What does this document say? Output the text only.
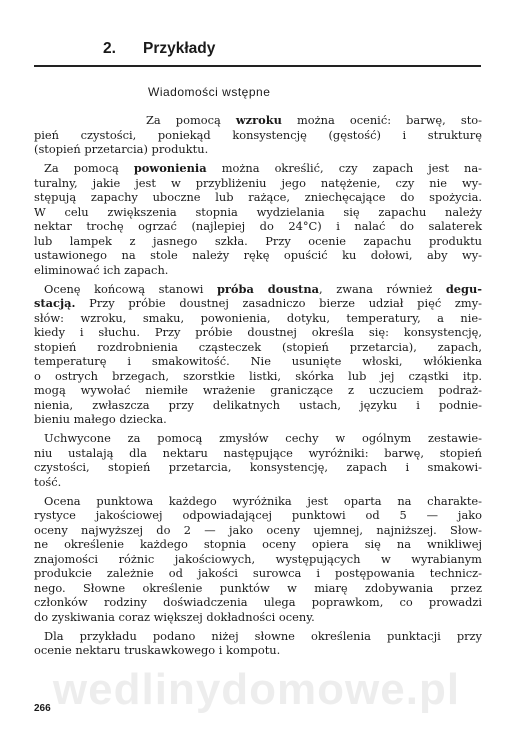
2. Przykłady
Wiadomości wstępne

Za pomocą wzroku można ocenić: barwę, sto-
pień czystości, poniekąd konsystencję (gęstość) i strukturę
(stopień przetarcia) produktu.

Za pomocą powonienia można określić, czy zapach jest na-
turalny, jakie jest w przybliżeniu jego natężenie, czy nie wy-
stępują zapachy uboczne lub rażące, zniechęcające do spożycia.
W celu zwiększenia stopnia wydzielania się zapachu należy
nektar trochę ogrzać (najlepiej do 24°C) i nalać do salaterek
lub lampek z jasnego szkła. Przy ocenie zapachu produktu
ustawionego na stole należy rękę opuścić ku dołowi, aby wy-
eliminować ich zapach.

Ocenę końcową stanowi próba doustna, zwana również degu-
stacją. Przy próbie doustnej zasadniczo bierze udział pięć zmy-
słów: wzroku, smaku, powonienia, dotyku, temperatury, a nie-
kiedy i słuchu. Przy próbie doustnej określa się: konsystencję,
stopień rozdrobnienia cząsteczek (stopień przetarcia), zapach,
temperaturę i smakowitość. Nie usunięte włoski, włókienka
o ostrych brzegach, szorstkie listki, skórka lub jej cząstki itp.
mogą wywołać niemiłe wrażenie graniczące z uczuciem podraż-
nienia, zwłaszcza przy delikatnych ustach, języku i podnie-
bieniu małego dziecka.

Uchwycone za pomocą zmysłów cechy w ogólnym zestawie-
niu ustalają dla nektaru następujące wyróżniki: barwę, stopień
czystości, stopień przetarcia, konsystencję, zapach i smakowi-
tość.

Ocena punktowa każdego wyróżnika jest oparta na charakte-
rystyce jakościowej odpowiadającej punktowi od 5 — jako
oceny najwyższej do 2 — jako oceny ujemnej, najniższej. Słow-
ne określenie każdego stopnia oceny opiera się na wnikliwej
znajomości różnic jakościowych, występujących w wyrabianym
produkcie zależnie od jakości surowca i postępowania technicz-
nego. Słowne określenie punktów w miarę zdobywania przez
członków rodziny doświadczenia ulega poprawkom, co prowadzi
do zyskiwania coraz większej dokładności oceny.

Dla przykładu podano niżej słowne określenia punktacji przy
ocenie nektaru truskawkowego i kompotu.

wedlinydomowe.pl
266
